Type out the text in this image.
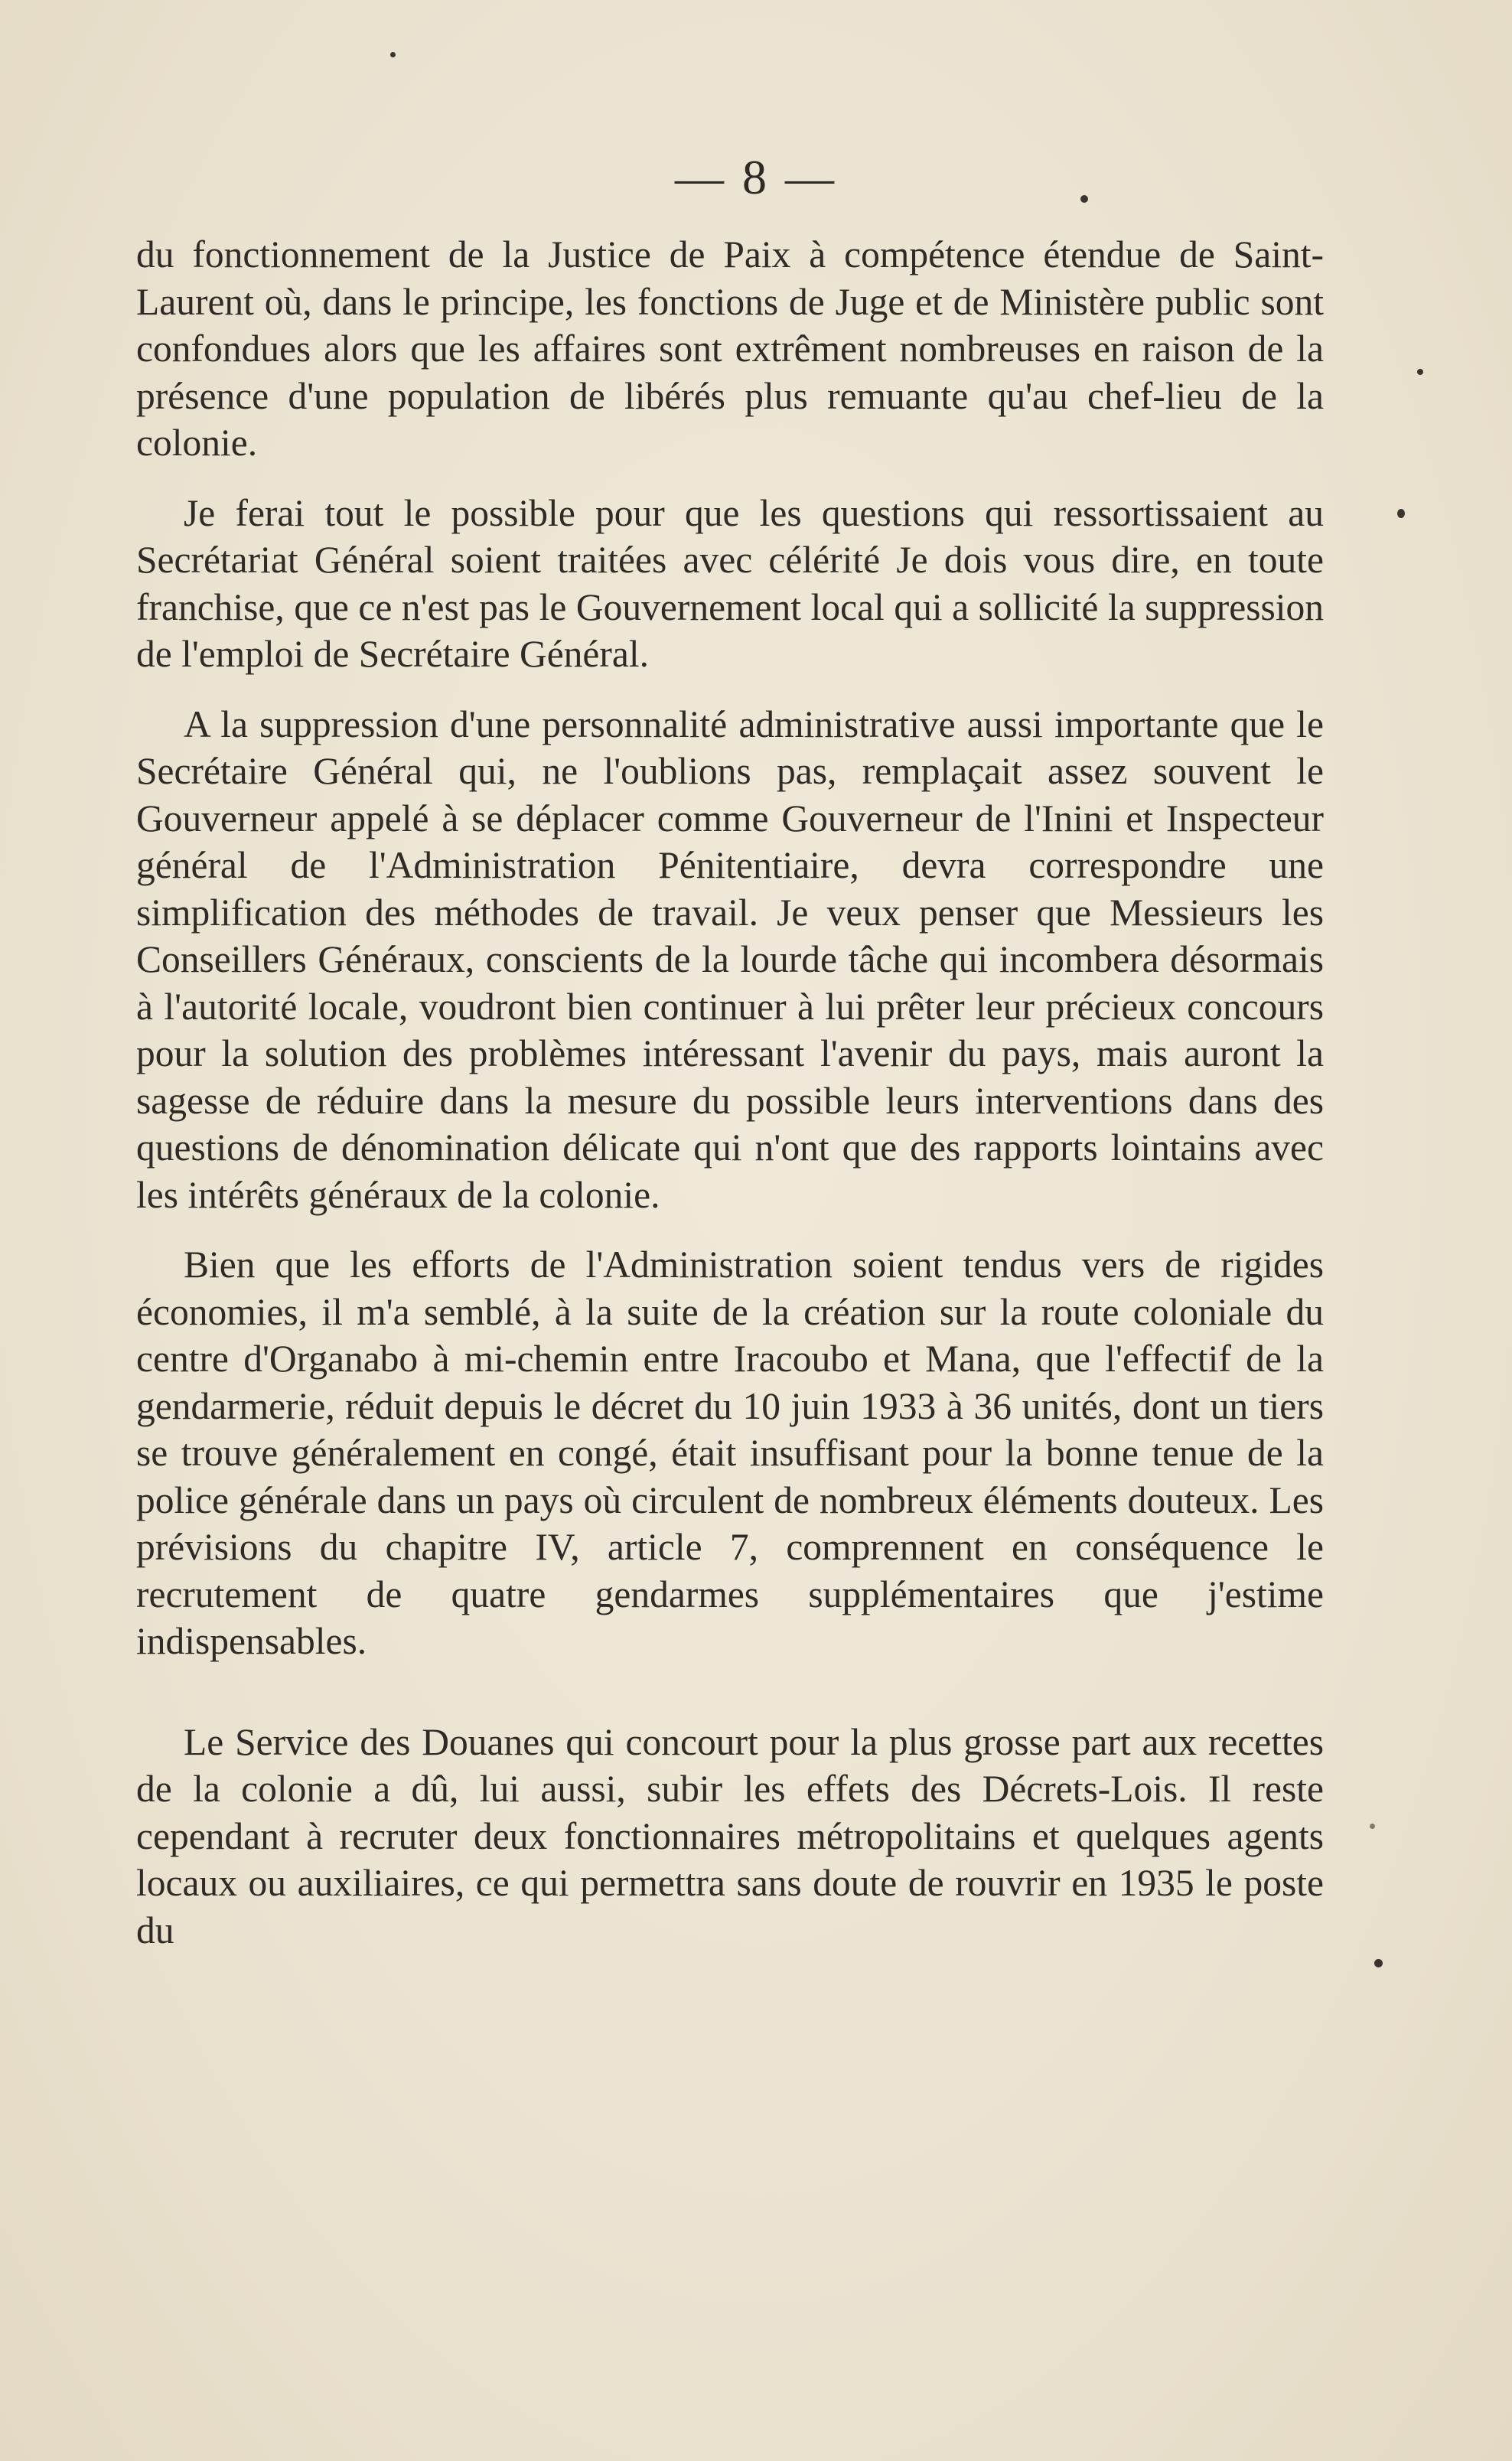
— 8 —

du fonctionnement de la Justice de Paix à compétence étendue de Saint-Laurent où, dans le principe, les fonctions de Juge et de Ministère public sont confondues alors que les affaires sont extrêment nombreuses en raison de la présence d'une population de libérés plus remuante qu'au chef-lieu de la colonie.

Je ferai tout le possible pour que les questions qui ressortissaient au Secrétariat Général soient traitées avec célérité Je dois vous dire, en toute franchise, que ce n'est pas le Gouvernement local qui a sollicité la suppression de l'emploi de Secrétaire Général.

A la suppression d'une personnalité administrative aussi importante que le Secrétaire Général qui, ne l'oublions pas, remplaçait assez souvent le Gouverneur appelé à se déplacer comme Gouverneur de l'Inini et Inspecteur général de l'Administration Pénitentiaire, devra correspondre une simplification des méthodes de travail. Je veux penser que Messieurs les Conseillers Généraux, conscients de la lourde tâche qui incombera désormais à l'autorité locale, voudront bien continuer à lui prêter leur précieux concours pour la solution des problèmes intéressant l'avenir du pays, mais auront la sagesse de réduire dans la mesure du possible leurs interventions dans des questions de dénomination délicate qui n'ont que des rapports lointains avec les intérêts généraux de la colonie.

Bien que les efforts de l'Administration soient tendus vers de rigides économies, il m'a semblé, à la suite de la création sur la route coloniale du centre d'Organabo à mi-chemin entre Iracoubo et Mana, que l'effectif de la gendarmerie, réduit depuis le décret du 10 juin 1933 à 36 unités, dont un tiers se trouve généralement en congé, était insuffisant pour la bonne tenue de la police générale dans un pays où circulent de nombreux éléments douteux. Les prévisions du chapitre IV, article 7, comprennent en conséquence le recrutement de quatre gendarmes supplémentaires que j'estime indispensables.

Le Service des Douanes qui concourt pour la plus grosse part aux recettes de la colonie a dû, lui aussi, subir les effets des Décrets-Lois. Il reste cependant à recruter deux fonctionnaires métropolitains et quelques agents locaux ou auxiliaires, ce qui permettra sans doute de rouvrir en 1935 le poste du
